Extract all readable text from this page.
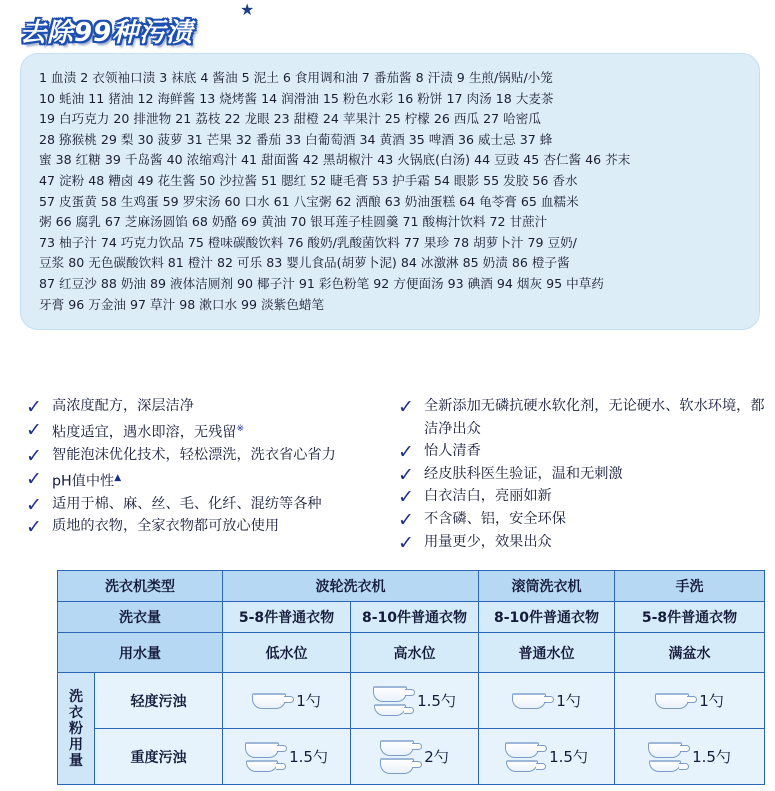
去除99种污渍
★
1 血渍 2 衣领袖口渍 3 袜底 4 酱油 5 泥土 6 食用调和油 7 番茄酱 8 汗渍 9 生煎/锅贴/小笼
10 蚝油 11 猪油 12 海鲜酱 13 烧烤酱 14 润滑油 15 粉色水彩 16 粉饼 17 肉汤 18 大麦茶
19 白巧克力 20 排泄物 21 荔枝 22 龙眼 23 甜橙 24 苹果汁 25 柠檬 26 西瓜 27 哈密瓜
28 猕猴桃 29 梨 30 菠萝 31 芒果 32 番茄 33 白葡萄酒 34 黄酒 35 啤酒 36 威士忌 37 蜂
蜜 38 红糖 39 千岛酱 40 浓缩鸡汁 41 甜面酱 42 黑胡椒汁 43 火锅底(白汤) 44 豆豉 45 杏仁酱 46 芥末
47 淀粉 48 糟卤 49 花生酱 50 沙拉酱 51 腮红 52 睫毛膏 53 护手霜 54 眼影 55 发胶 56 香水
57 皮蛋黄 58 生鸡蛋 59 罗宋汤 60 口水 61 八宝粥 62 洒酿 63 奶油蛋糕 64 龟苓膏 65 血糯米
粥 66 腐乳 67 芝麻汤圆馅 68 奶酪 69 黄油 70 银耳莲子桂圆羹 71 酸梅汁饮料 72 甘蔗汁
73 柚子汁 74 巧克力饮品 75 橙味碳酸饮料 76 酸奶/乳酸菌饮料 77 果珍 78 胡萝卜汁 79 豆奶/
豆浆 80 无色碳酸饮料 81 橙汁 82 可乐 83 婴儿食品(胡萝卜泥) 84 冰激淋 85 奶渍 86 橙子酱
87 红豆沙 88 奶油 89 液体洁厕剂 90 椰子汁 91 彩色粉笔 92 方便面汤 93 碘酒 94 烟灰 95 中草药
牙膏 96 万金油 97 草汁 98 漱口水 99 淡紫色蜡笔
✓ 高浓度配方，深层洁净
✓ 粘度适宜，遇水即溶，无残留※
✓ 智能泡沫优化技术，轻松漂洗，洗衣省心省力
✓ pH值中性▲
✓ 适用于棉、麻、丝、毛、化纤、混纺等各种
✓ 质地的衣物，全家衣物都可放心使用
✓ 全新添加无磷抗硬水软化剂，无论硬水、软水环境，都洁净出众
✓ 怡人清香
✓ 经皮肤科医生验证，温和无刺激
✓ 白衣洁白，亮丽如新
✓ 不含磷、铝，安全环保
✓ 用量更少，效果出众
洗衣机类型		波轮洗衣机		滚筒洗衣机	手洗
洗衣量		5-8件普通衣物	8-10件普通衣物	8-10件普通衣物	5-8件普通衣物
用水量		低水位	高水位	普通水位	满盆水

洗
衣
粉
用
量	轻度污浊	1勺	1.5勺	1勺	1勺

	重度污浊	1.5勺	2勺	1.5勺	1.5勺
